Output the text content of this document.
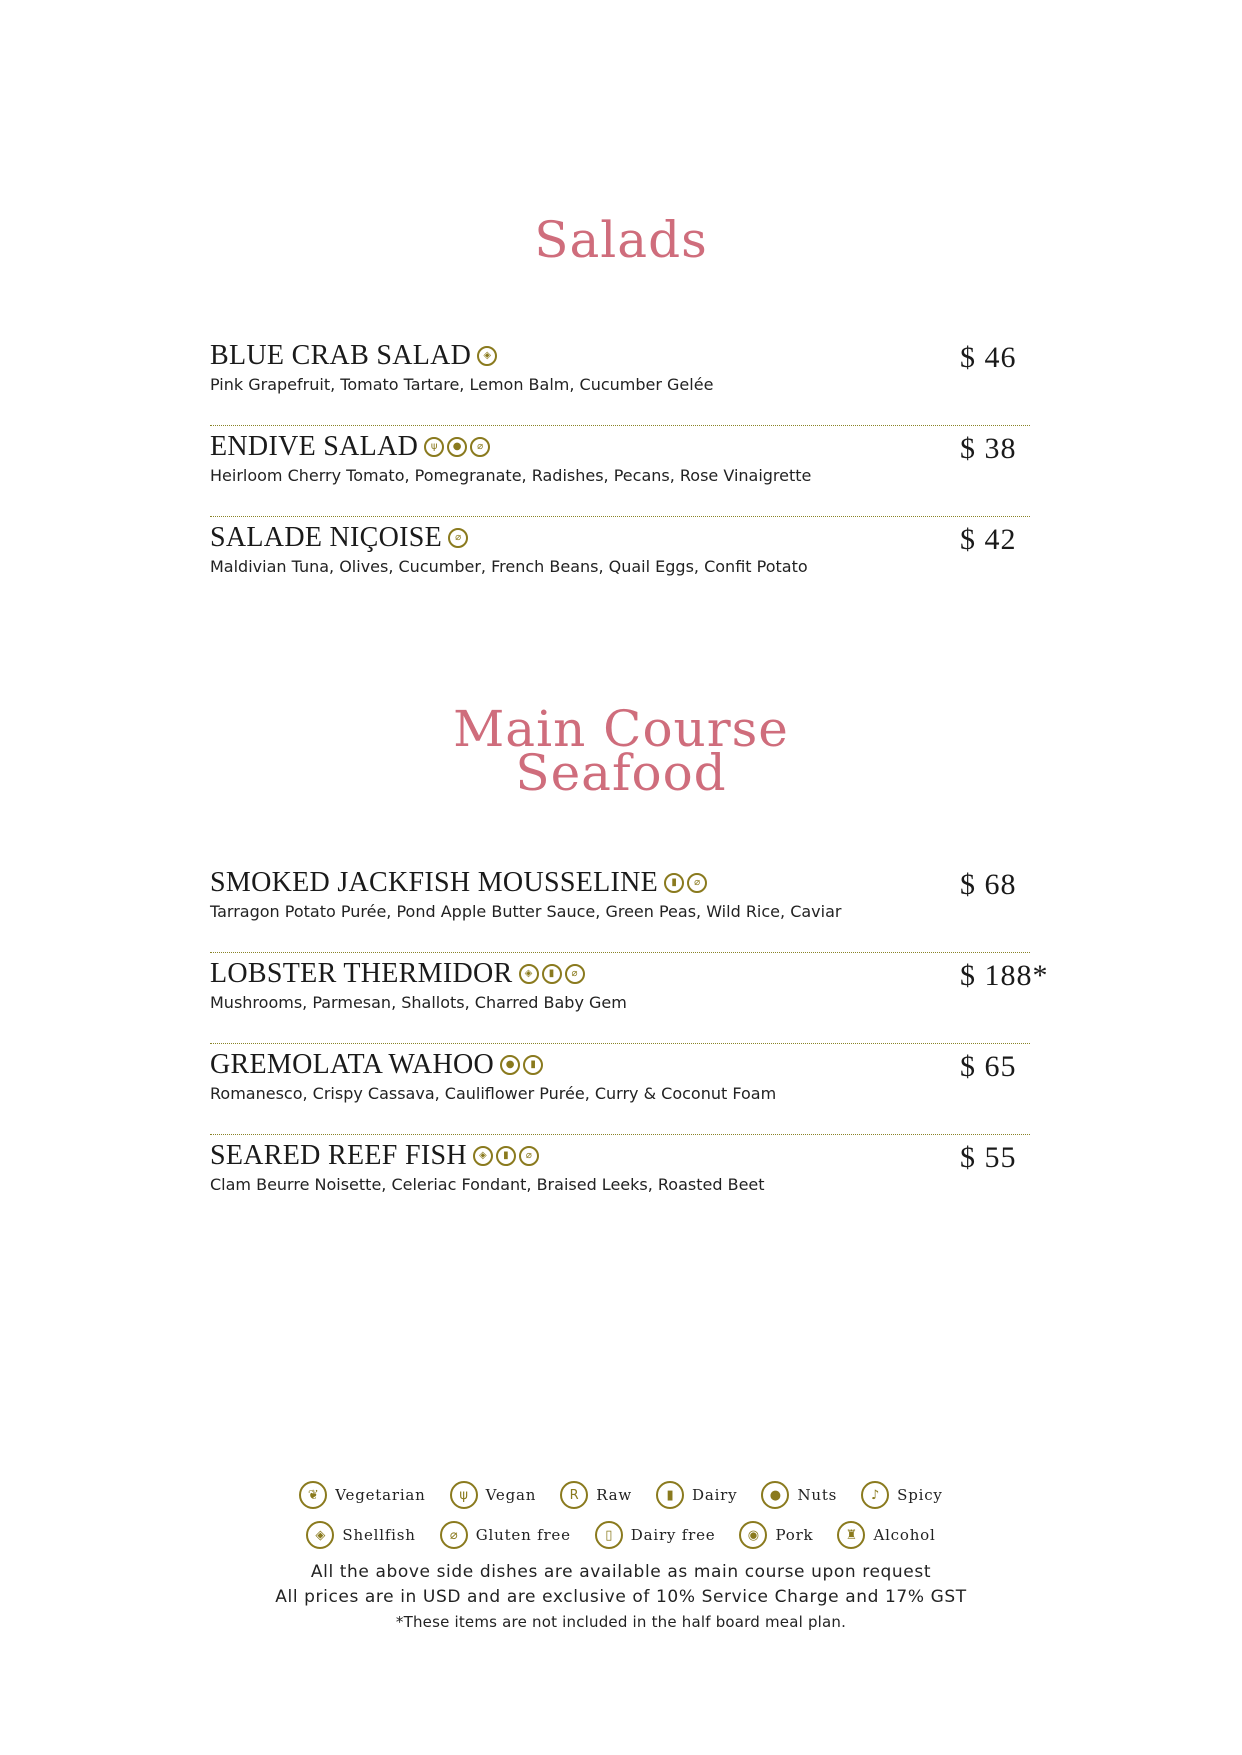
Salads
BLUE CRAB SALAD	◈	$ 46
Pink Grapefruit, Tomato Tartare, Lemon Balm, Cucumber Gelée
ENDIVE SALAD	ψ	●	⌀	$ 38
Heirloom Cherry Tomato, Pomegranate, Radishes, Pecans, Rose Vinaigrette
SALADE NIÇOISE	⌀	$ 42
Maldivian Tuna, Olives, Cucumber, French Beans, Quail Eggs, Confit Potato
Main Course
Seafood
SMOKED JACKFISH MOUSSELINE	▮	⌀	$ 68
Tarragon Potato Purée, Pond Apple Butter Sauce, Green Peas, Wild Rice, Caviar
LOBSTER THERMIDOR	◈	▮	⌀	$ 188*
Mushrooms, Parmesan, Shallots, Charred Baby Gem
GREMOLATA WAHOO	●	▮	$ 65
Romanesco, Crispy Cassava, Cauliflower Purée, Curry & Coconut Foam
SEARED REEF FISH	◈	▮	⌀	$ 55
Clam Beurre Noisette, Celeriac Fondant, Braised Leeks, Roasted Beet
❦	Vegetarian	ψ	Vegan	R	Raw	▮	Dairy	●	Nuts	♪	Spicy
◈	Shellfish	⌀	Gluten free	▯	Dairy free	◉	Pork	♜	Alcohol
All the above side dishes are available as main course upon request
All prices are in USD and are exclusive of 10% Service Charge and 17% GST
*These items are not included in the half board meal plan.
